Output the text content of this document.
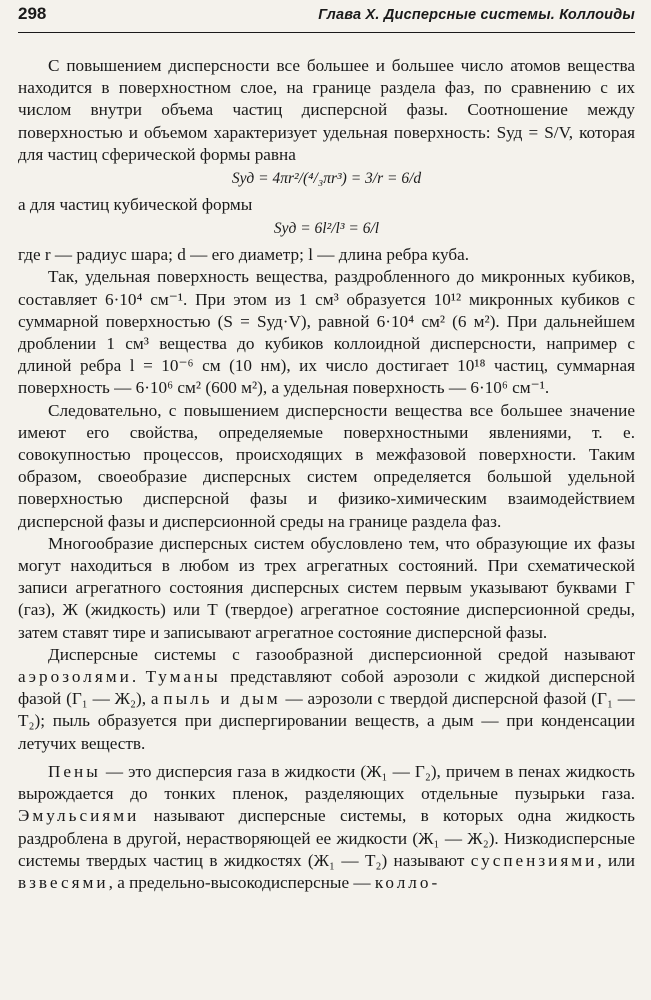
298	Глава X. Дисперсные системы. Коллоиды

С повышением дисперсности все большее и большее число атомов вещества находится в поверхностном слое, на границе раздела фаз, по сравнению с их числом внутри объема частиц дисперсной фазы. Соотношение между поверхностью и объемом характеризует удельная поверхность: Sуд = S/V, которая для частиц сферической формы равна

Sуд = 4πr²/(⁴/₃πr³) = 3/r = 6/d

а для частиц кубической формы

Sуд = 6l²/l³ = 6/l

где r — радиус шара; d — его диаметр; l — длина ребра куба.

Так, удельная поверхность вещества, раздробленного до микронных кубиков, составляет 6·10⁴ см⁻¹. При этом из 1 см³ образуется 10¹² микронных кубиков с суммарной поверхностью (S = Sуд·V), равной 6·10⁴ см² (6 м²). При дальнейшем дроблении 1 см³ вещества до кубиков коллоидной дисперсности, например с длиной ребра l = 10⁻⁶ см (10 нм), их число достигает 10¹⁸ частиц, суммарная поверхность — 6·10⁶ см² (600 м²), а удельная поверхность — 6·10⁶ см⁻¹.

Следовательно, с повышением дисперсности вещества все большее значение имеют его свойства, определяемые поверхностными явлениями, т. е. совокупностью процессов, происходящих в межфазовой поверхности. Таким образом, своеобразие дисперсных систем определяется большой удельной поверхностью дисперсной фазы и физико-химическим взаимодействием дисперсной фазы и дисперсионной среды на границе раздела фаз.

Многообразие дисперсных систем обусловлено тем, что образующие их фазы могут находиться в любом из трех агрегатных состояний. При схематической записи агрегатного состояния дисперсных систем первым указывают буквами Г (газ), Ж (жидкость) или Т (твердое) агрегатное состояние дисперсионной среды, затем ставят тире и записывают агрегатное состояние дисперсной фазы.

Дисперсные системы с газообразной дисперсионной средой называют аэрозолями. Туманы представляют собой аэрозоли с жидкой дисперсной фазой (Г₁ — Ж₂), а пыль и дым — аэрозоли с твердой дисперсной фазой (Г₁ — Т₂); пыль образуется при диспергировании веществ, а дым — при конденсации летучих веществ.

Пены — это дисперсия газа в жидкости (Ж₁ — Г₂), причем в пенах жидкость вырождается до тонких пленок, разделяющих отдельные пузырьки газа. Эмульсиями называют дисперсные системы, в которых одна жидкость раздроблена в другой, нерастворяющей ее жидкости (Ж₁ — Ж₂). Низкодисперсные системы твердых частиц в жидкостях (Ж₁ — Т₂) называют суспензиями, или взвесями, а предельно-высокодисперсные — колло-
